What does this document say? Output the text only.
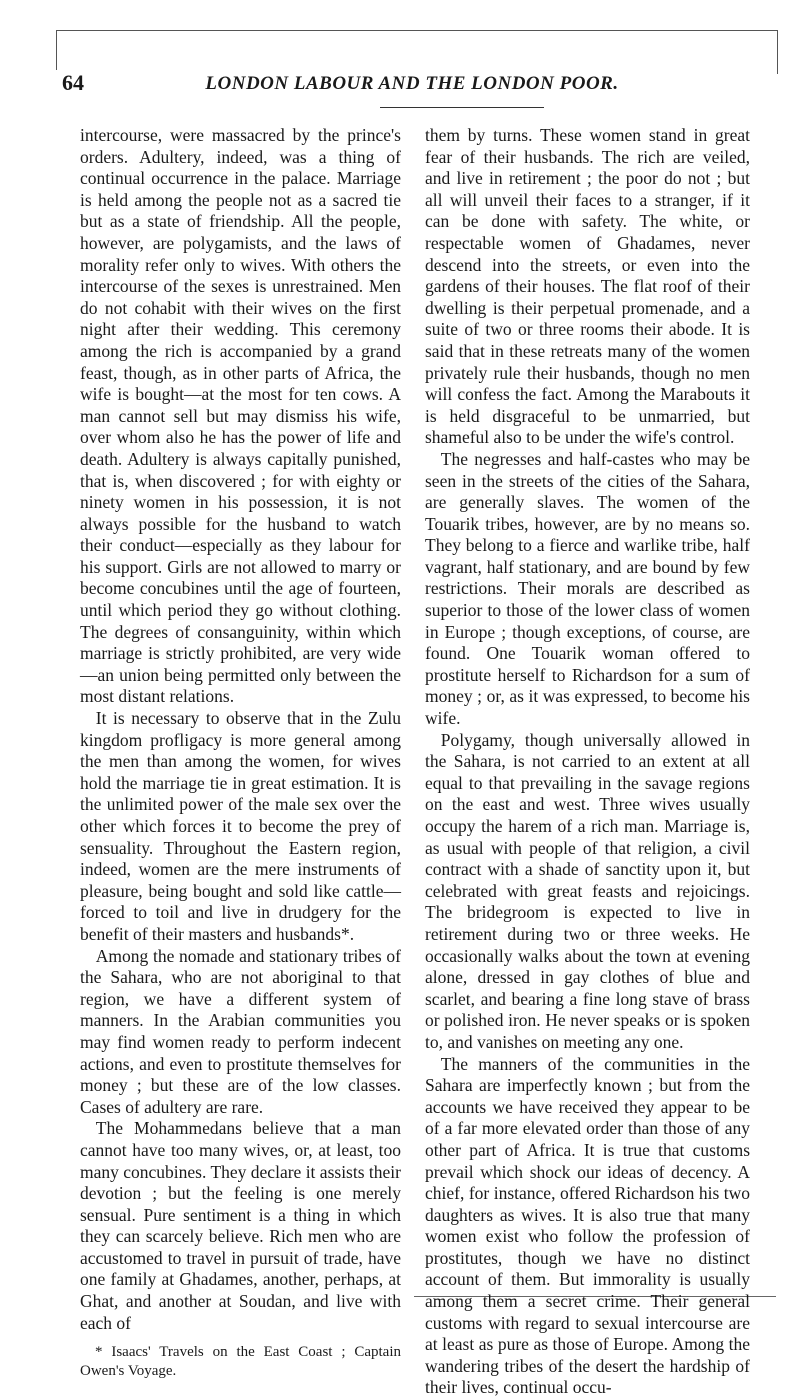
64	LONDON LABOUR AND THE LONDON POOR.

intercourse, were massacred by the prince's orders. Adultery, indeed, was a thing of continual occurrence in the palace. Marriage is held among the people not as a sacred tie but as a state of friendship. All the people, however, are polygamists, and the laws of morality refer only to wives. With others the intercourse of the sexes is unrestrained. Men do not cohabit with their wives on the first night after their wedding. This ceremony among the rich is accompanied by a grand feast, though, as in other parts of Africa, the wife is bought—at the most for ten cows. A man cannot sell but may dismiss his wife, over whom also he has the power of life and death. Adultery is always capitally punished, that is, when discovered ; for with eighty or ninety women in his possession, it is not always possible for the husband to watch their conduct—especially as they labour for his support. Girls are not allowed to marry or become concubines until the age of fourteen, until which period they go without clothing. The degrees of consanguinity, within which marriage is strictly prohibited, are very wide—an union being permitted only between the most distant relations.

It is necessary to observe that in the Zulu kingdom profligacy is more general among the men than among the women, for wives hold the marriage tie in great estimation. It is the unlimited power of the male sex over the other which forces it to become the prey of sensuality. Throughout the Eastern region, indeed, women are the mere instruments of pleasure, being bought and sold like cattle—forced to toil and live in drudgery for the benefit of their masters and husbands*.

Among the nomade and stationary tribes of the Sahara, who are not aboriginal to that region, we have a different system of manners. In the Arabian communities you may find women ready to perform indecent actions, and even to prostitute themselves for money ; but these are of the low classes. Cases of adultery are rare.

The Mohammedans believe that a man cannot have too many wives, or, at least, too many concubines. They declare it assists their devotion ; but the feeling is one merely sensual. Pure sentiment is a thing in which they can scarcely believe. Rich men who are accustomed to travel in pursuit of trade, have one family at Ghadames, another, perhaps, at Ghat, and another at Soudan, and live with each of

* Isaacs' Travels on the East Coast ; Captain Owen's Voyage.

them by turns. These women stand in great fear of their husbands. The rich are veiled, and live in retirement ; the poor do not ; but all will unveil their faces to a stranger, if it can be done with safety. The white, or respectable women of Ghadames, never descend into the streets, or even into the gardens of their houses. The flat roof of their dwelling is their perpetual promenade, and a suite of two or three rooms their abode. It is said that in these retreats many of the women privately rule their husbands, though no men will confess the fact. Among the Marabouts it is held disgraceful to be unmarried, but shameful also to be under the wife's control.

The negresses and half-castes who may be seen in the streets of the cities of the Sahara, are generally slaves. The women of the Touarik tribes, however, are by no means so. They belong to a fierce and warlike tribe, half vagrant, half stationary, and are bound by few restrictions. Their morals are described as superior to those of the lower class of women in Europe ; though exceptions, of course, are found. One Touarik woman offered to prostitute herself to Richardson for a sum of money ; or, as it was expressed, to become his wife.

Polygamy, though universally allowed in the Sahara, is not carried to an extent at all equal to that prevailing in the savage regions on the east and west. Three wives usually occupy the harem of a rich man. Marriage is, as usual with people of that religion, a civil contract with a shade of sanctity upon it, but celebrated with great feasts and rejoicings. The bridegroom is expected to live in retirement during two or three weeks. He occasionally walks about the town at evening alone, dressed in gay clothes of blue and scarlet, and bearing a fine long stave of brass or polished iron. He never speaks or is spoken to, and vanishes on meeting any one.

The manners of the communities in the Sahara are imperfectly known ; but from the accounts we have received they appear to be of a far more elevated order than those of any other part of Africa. It is true that customs prevail which shock our ideas of decency. A chief, for instance, offered Richardson his two daughters as wives. It is also true that many women exist who follow the profession of prostitutes, though we have no distinct account of them. But immorality is usually among them a secret crime. Their general customs with regard to sexual intercourse are at least as pure as those of Europe. Among the wandering tribes of the desert the hardship of their lives, continual occu-
